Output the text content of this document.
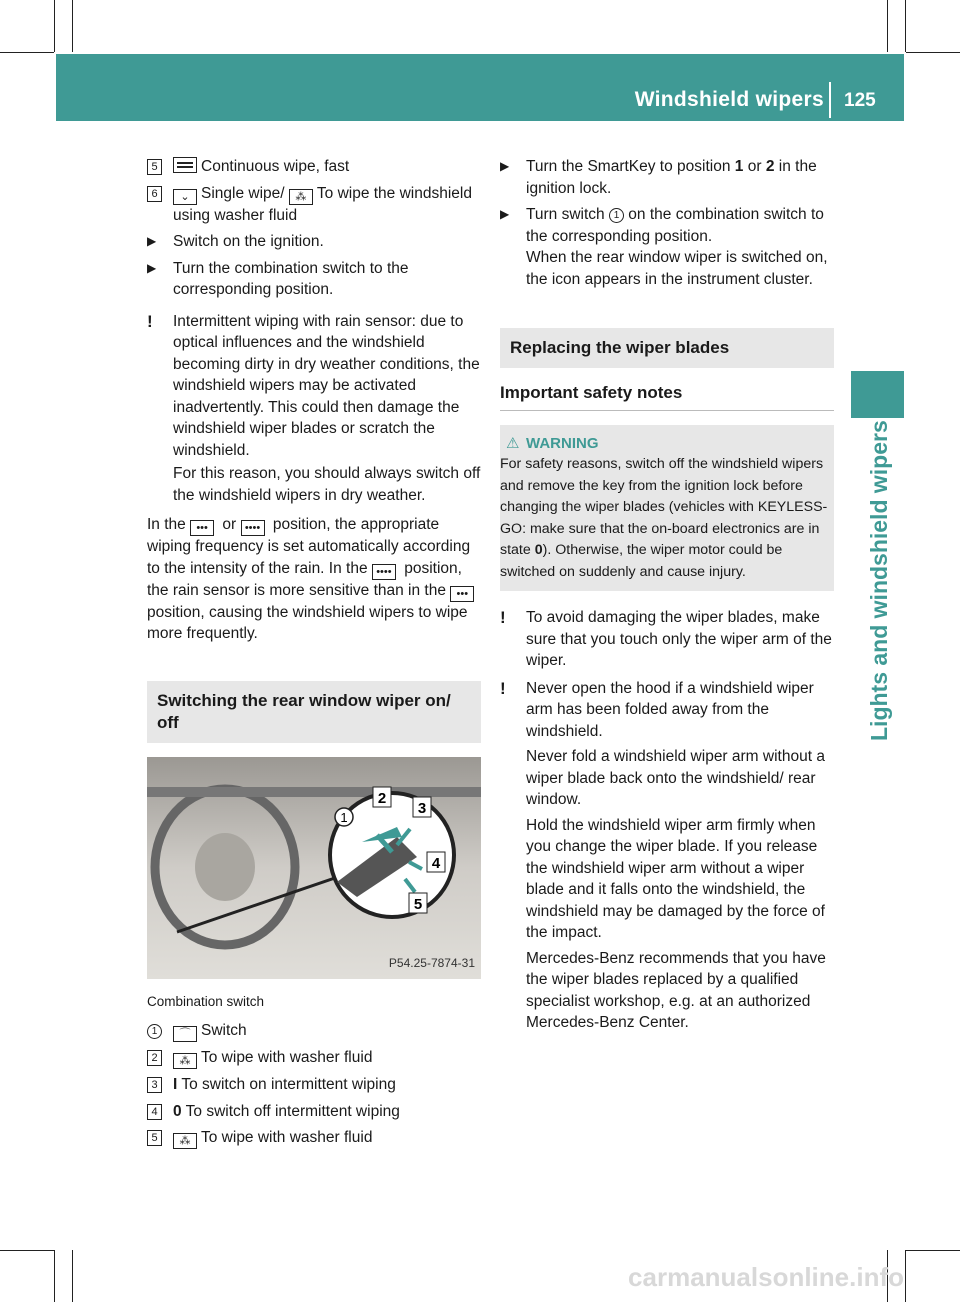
Windshield wipers 125
Lights and windshield wipers
5	Continuous wipe, fast
6	⌄ Single wipe/ ⁂ To wipe the windshield using washer fluid
▶	Switch on the ignition.
▶	Turn the combination switch to the corresponding position.
!	Intermittent wiping with rain sensor: due to optical influences and the windshield becoming dirty in dry weather conditions, the windshield wipers may be activated inadvertently. This could then damage the windshield wiper blades or scratch the windshield.
For this reason, you should always switch off the windshield wipers in dry weather.

In the ••• or •••• position, the appropriate wiping frequency is set automatically according to the intensity of the rain. In the •••• position, the rain sensor is more sensitive than in the ••• position, causing the windshield wipers to wipe more frequently.

Switching the rear window wiper on/ off
1
2
3
4
5
P54.25-7874-31
Combination switch
1	⌒ Switch
2	⁂ To wipe with washer fluid
3 I To switch on intermittent wiping
4 0 To switch off intermittent wiping
5	⁂ To wipe with washer fluid
▶	Turn the SmartKey to position 1 or 2 in the ignition lock.
▶	Turn switch 1 on the combination switch to the corresponding position.
When the rear window wiper is switched on, the icon appears in the instrument cluster.
Replacing the wiper blades
Important safety notes
⚠ WARNING
For safety reasons, switch off the windshield wipers and remove the key from the ignition lock before changing the wiper blades (vehicles with KEYLESS-GO: make sure that the on-board electronics are in state 0). Otherwise, the wiper motor could be switched on suddenly and cause injury.
!	To avoid damaging the wiper blades, make sure that you touch only the wiper arm of the wiper.
!	Never open the hood if a windshield wiper arm has been folded away from the windshield.
Never fold a windshield wiper arm without a wiper blade back onto the windshield/ rear window.
Hold the windshield wiper arm firmly when you change the wiper blade. If you release the windshield wiper arm without a wiper blade and it falls onto the windshield, the windshield may be damaged by the force of the impact.
Mercedes-Benz recommends that you have the wiper blades replaced by a qualified specialist workshop, e.g. at an authorized Mercedes-Benz Center.
carmanualsonline.info
